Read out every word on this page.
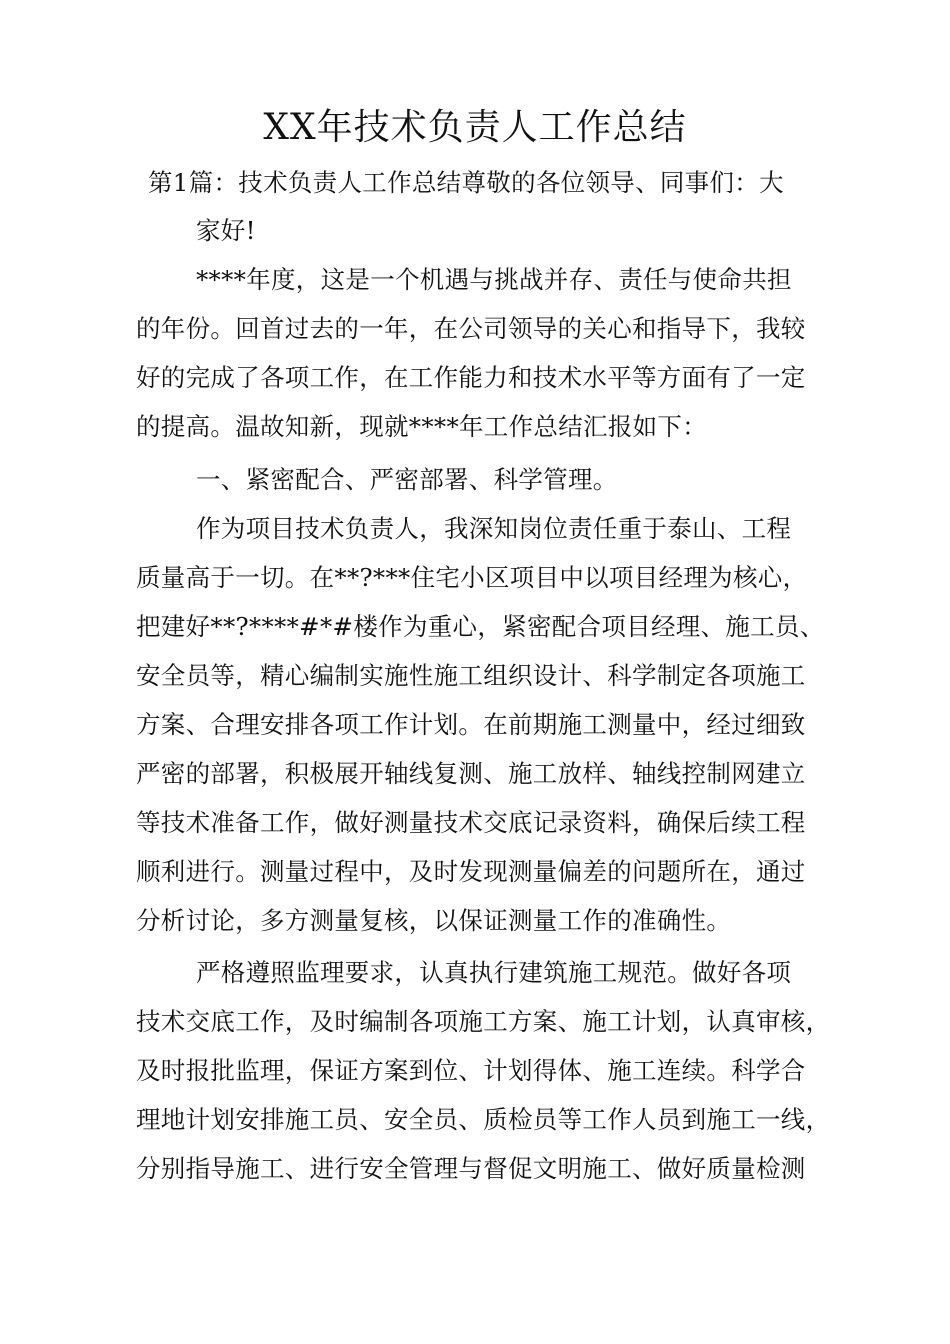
XX年技术负责人工作总结
第1篇：技术负责人工作总结尊敬的各位领导、同事们：大
家好!
****年度，这是一个机遇与挑战并存、责任与使命共担
的年份。回首过去的一年，在公司领导的关心和指导下，我较
好的完成了各项工作，在工作能力和技术水平等方面有了一定
的提高。温故知新，现就****年工作总结汇报如下：
一、紧密配合、严密部署、科学管理。
作为项目技术负责人，我深知岗位责任重于泰山、工程
质量高于一切。在**?***住宅小区项目中以项目经理为核心，
把建好**?****#*#楼作为重心，紧密配合项目经理、施工员、
安全员等，精心编制实施性施工组织设计、科学制定各项施工
方案、合理安排各项工作计划。在前期施工测量中，经过细致
严密的部署，积极展开轴线复测、施工放样、轴线控制网建立
等技术准备工作，做好测量技术交底记录资料，确保后续工程
顺利进行。测量过程中，及时发现测量偏差的问题所在，通过
分析讨论，多方测量复核，以保证测量工作的准确性。
严格遵照监理要求，认真执行建筑施工规范。做好各项
技术交底工作，及时编制各项施工方案、施工计划，认真审核，
及时报批监理，保证方案到位、计划得体、施工连续。科学合
理地计划安排施工员、安全员、质检员等工作人员到施工一线，
分别指导施工、进行安全管理与督促文明施工、做好质量检测
